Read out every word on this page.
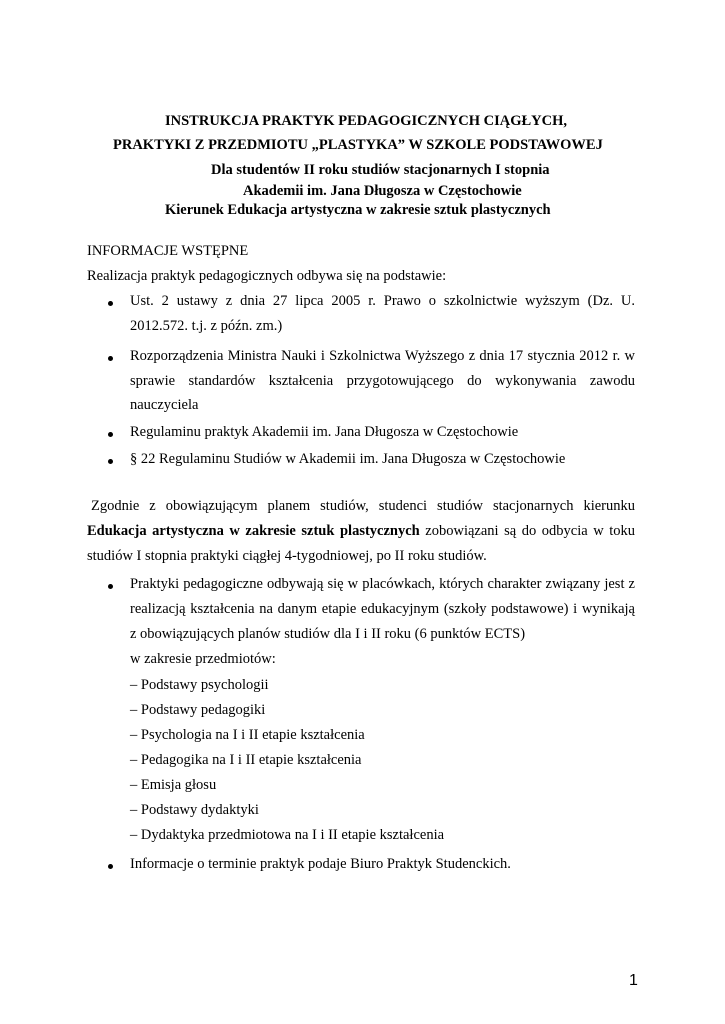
INSTRUKCJA PRAKTYK PEDAGOGICZNYCH CIĄGŁYCH,
PRAKTYKI Z PRZEDMIOTU „PLASTYKA” W SZKOLE PODSTAWOWEJ
Dla studentów II roku studiów stacjonarnych I stopnia
Akademii im. Jana Długosza w Częstochowie
Kierunek Edukacja artystyczna w zakresie sztuk plastycznych
INFORMACJE WSTĘPNE
Realizacja praktyk pedagogicznych odbywa się na podstawie:
Ust. 2 ustawy z dnia 27 lipca 2005 r. Prawo o szkolnictwie wyższym (Dz. U.
2012.572. t.j. z późn. zm.)
Rozporządzenia Ministra Nauki i Szkolnictwa Wyższego z dnia 17 stycznia 2012 r. w
sprawie standardów kształcenia przygotowującego do wykonywania zawodu
nauczyciela
Regulaminu praktyk Akademii im. Jana Długosza w Częstochowie
§ 22 Regulaminu Studiów w Akademii im. Jana Długosza w Częstochowie
Zgodnie z obowiązującym planem studiów, studenci studiów stacjonarnych kierunku
Edukacja artystyczna w zakresie sztuk plastycznych zobowiązani są do odbycia w toku
studiów I stopnia praktyki ciągłej 4-tygodniowej, po II roku studiów.
Praktyki pedagogiczne odbywają się w placówkach, których charakter związany jest z
realizacją kształcenia na danym etapie edukacyjnym (szkoły podstawowe) i wynikają
z obowiązujących planów studiów dla I i II roku (6 punktów ECTS)
w zakresie przedmiotów:
– Podstawy psychologii
– Podstawy pedagogiki
– Psychologia na I i II etapie kształcenia
– Pedagogika na I i II etapie kształcenia
– Emisja głosu
– Podstawy dydaktyki
– Dydaktyka przedmiotowa na I i II etapie kształcenia
Informacje o terminie praktyk podaje Biuro Praktyk Studenckich.
1
